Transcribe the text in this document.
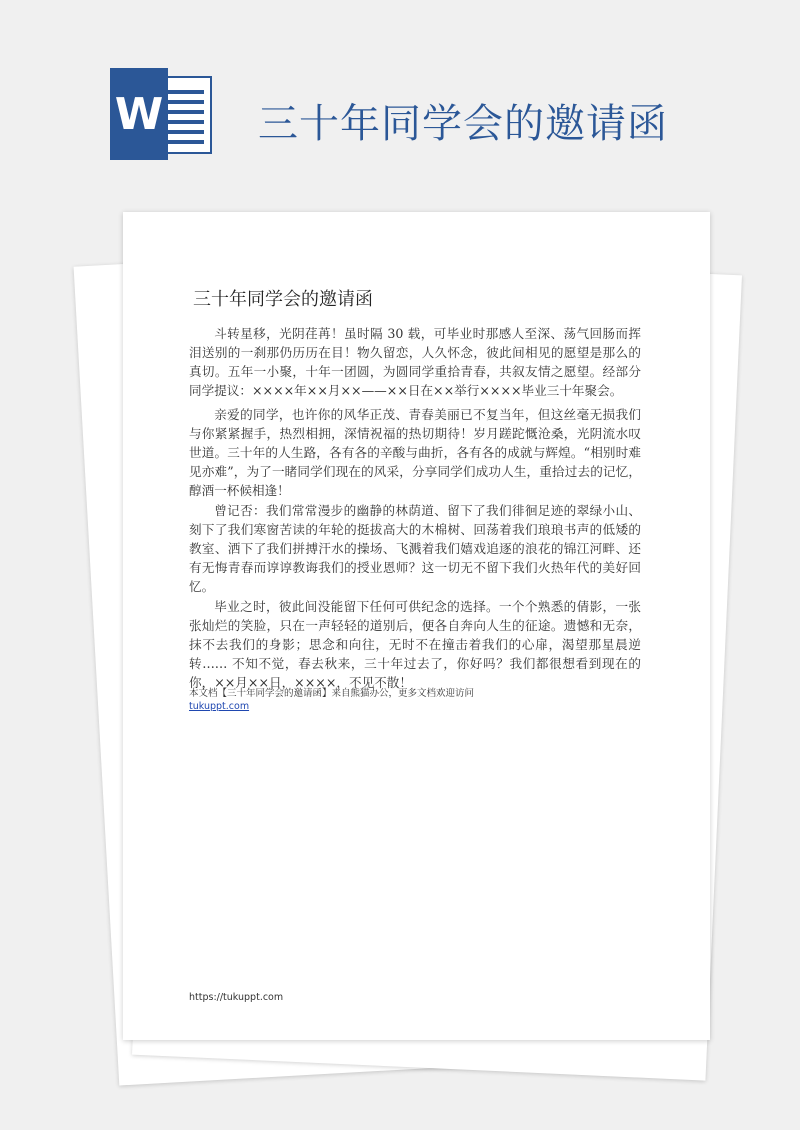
W 三十年同学会的邀请函
三十年同学会的邀请函

斗转星移，光阴荏苒！虽时隔 30 载，可毕业时那感人至深、荡气回肠而挥泪送别的一刹那仍历历在目！物久留恋，人久怀念，彼此间相见的愿望是那么的真切。五年一小聚，十年一团圆，为圆同学重拾青春，共叙友情之愿望。经部分同学提议：××××年××月××——××日在××举行××××毕业三十年聚会。

亲爱的同学，也许你的风华正茂、青春美丽已不复当年，但这丝毫无损我们与你紧紧握手，热烈相拥，深情祝福的热切期待！岁月蹉跎慨沧桑，光阴流水叹世道。三十年的人生路，各有各的辛酸与曲折，各有各的成就与辉煌。“相别时难见亦难”，为了一睹同学们现在的风采，分享同学们成功人生，重拾过去的记忆，醇酒一杯候相逢！

曾记否：我们常常漫步的幽静的林荫道、留下了我们徘徊足迹的翠绿小山、刻下了我们寒窗苦读的年轮的挺拔高大的木棉树、回荡着我们琅琅书声的低矮的教室、洒下了我们拼搏汗水的操场、飞溅着我们嬉戏追逐的浪花的锦江河畔、还有无悔青春而谆谆教诲我们的授业恩师？这一切无不留下我们火热年代的美好回忆。

毕业之时，彼此间没能留下任何可供纪念的选择。一个个熟悉的倩影，一张张灿烂的笑脸，只在一声轻轻的道别后，便各自奔向人生的征途。遗憾和无奈，抹不去我们的身影；思念和向往，无时不在撞击着我们的心扉，渴望那星晨逆转…… 不知不觉，春去秋来，三十年过去了，你好吗？我们都很想看到现在的你，××月××日，××××，不见不散！

本文档【三十年同学会的邀请函】来自熊猫办公，更多文档欢迎访问
tukuppt.com
https://tukuppt.com
